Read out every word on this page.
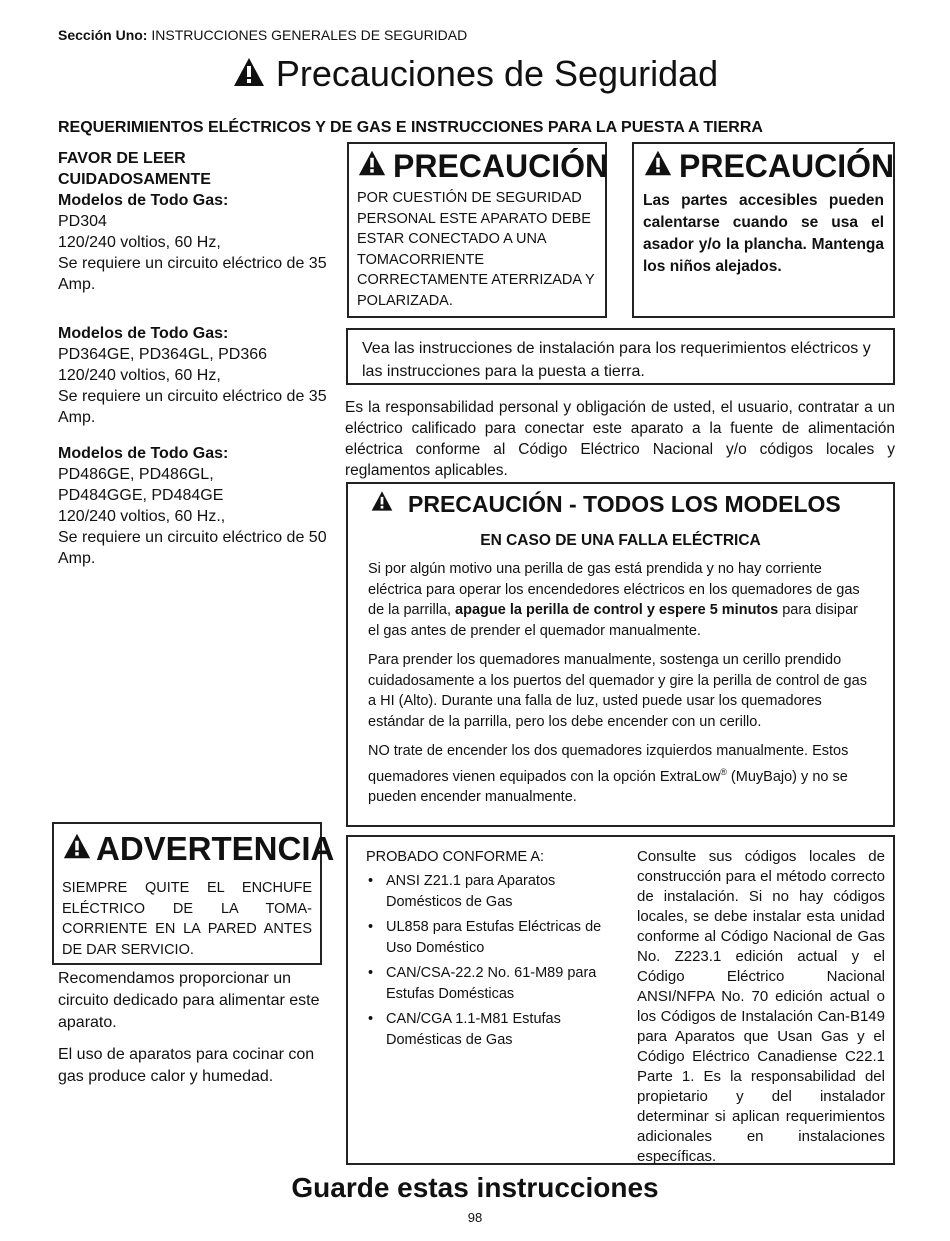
Sección Uno: INSTRUCCIONES GENERALES DE SEGURIDAD
Precauciones de Seguridad
REQUERIMIENTOS ELÉCTRICOS Y DE GAS E INSTRUCCIONES PARA LA PUESTA A TIERRA

FAVOR DE LEER CUIDADOSAMENTE

Modelos de Todo Gas:

PD304

120/240 voltios, 60 Hz,

Se requiere un circuito eléctrico de 35 Amp.

Modelos de Todo Gas:

PD364GE, PD364GL, PD366

120/240 voltios, 60 Hz,

Se requiere un circuito eléctrico de 35 Amp.

Modelos de Todo Gas:

PD486GE, PD486GL, PD484GGE, PD484GE

120/240 voltios, 60 Hz.,

Se requiere un circuito eléctrico de 50 Amp.

PRECAUCIÓN
POR CUESTIÓN DE SEGURIDAD PERSONAL ESTE APARATO DEBE ESTAR CONECTADO A UNA TOMACORRIENTE CORRECTAMENTE ATERRIZADA Y POLARIZADA.
PRECAUCIÓN
Las partes accesibles pueden calentarse cuando se usa el asador y/o la plancha. Mantenga los niños alejados.
Vea las instrucciones de instalación para los requerimientos eléctricos y las instrucciones para la puesta a tierra.
Es la responsabilidad personal y obligación de usted, el usuario, contratar a un eléctrico calificado para conectar este aparato a la fuente de alimentación eléctrica conforme al Código Eléctrico Nacional y/o códigos locales y reglamentos aplicables.
PRECAUCIÓN - TODOS LOS MODELOS
EN CASO DE UNA FALLA ELÉCTRICA

Si por algún motivo una perilla de gas está prendida y no hay corriente eléctrica para operar los encendedores eléctricos en los quemadores de gas de la parrilla, apague la perilla de control y espere 5 minutos para disipar el gas antes de prender el quemador manualmente.

Para prender los quemadores manualmente, sostenga un cerillo prendido cuidadosamente a los puertos del quemador y gire la perilla de control de gas a HI (Alto). Durante una falla de luz, usted puede usar los quemadores estándar de la parrilla, pero los debe encender con un cerillo.

NO trate de encender los dos quemadores izquierdos manualmente. Estos quemadores vienen equipados con la opción ExtraLow® (MuyBajo) y no se pueden encender manualmente.

ADVERTENCIA
SIEMPRE QUITE EL ENCHUFE ELÉCTRICO DE LA TOMA-CORRIENTE EN LA PARED ANTES DE DAR SERVICIO.

Recomendamos proporcionar un circuito dedicado para alimentar este aparato.

El uso de aparatos para cocinar con gas produce calor y humedad.

PROBADO CONFORME A:
• ANSI Z21.1 para Aparatos Domésticos de Gas
• UL858 para Estufas Eléctricas de Uso Doméstico
• CAN/CSA-22.2 No. 61-M89 para Estufas Domésticas
• CAN/CGA 1.1-M81 Estufas Domésticas de Gas
Consulte sus códigos locales de construcción para el método correcto de instalación. Si no hay códigos locales, se debe instalar esta unidad conforme al Código Nacional de Gas No. Z223.1 edición actual y el Código Eléctrico Nacional ANSI/NFPA No. 70 edición actual o los Códigos de Instalación Can-B149 para Aparatos que Usan Gas y el Código Eléctrico Canadiense C22.1 Parte 1. Es la responsabilidad del propietario y del instalador determinar si aplican requerimientos adicionales en instalaciones específicas.
Guarde estas instrucciones
98
